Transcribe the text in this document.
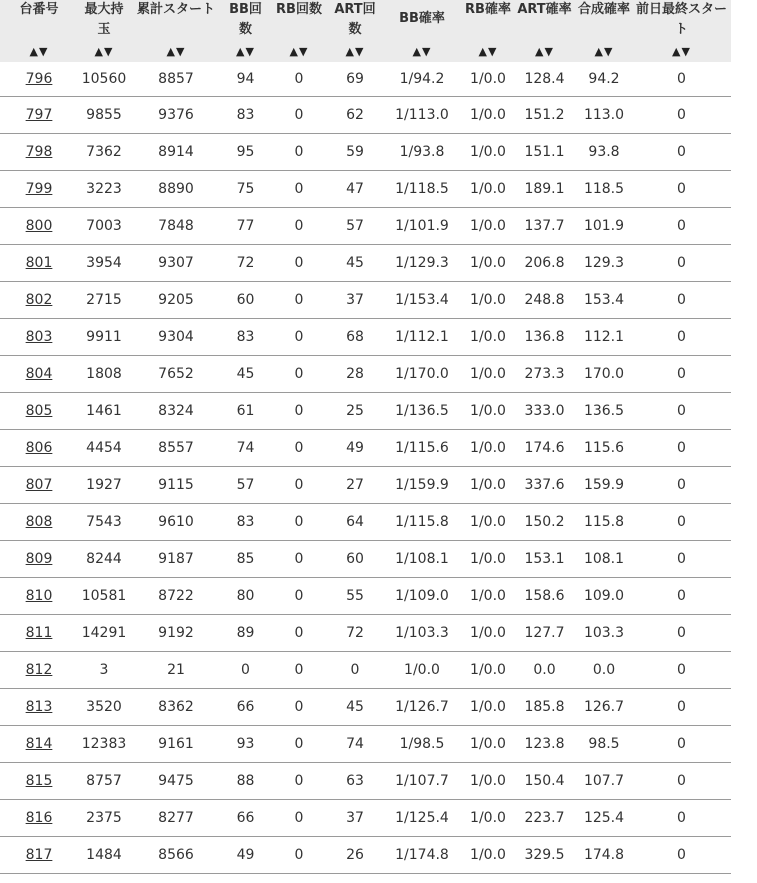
台番号	最大持玉	累計スタート	BB回数	RB回数	ART回数	BB確率	RB確率	ART確率	合成確率	前日最終スタート

▲▼	▲▼	▲▼	▲▼	▲▼	▲▼	▲▼	▲▼	▲▼	▲▼	▲▼
796	10560	8857	94	0	69	1/94.2	1/0.0	128.4	94.2	0
797	9855	9376	83	0	62	1/113.0	1/0.0	151.2	113.0	0
798	7362	8914	95	0	59	1/93.8	1/0.0	151.1	93.8	0
799	3223	8890	75	0	47	1/118.5	1/0.0	189.1	118.5	0
800	7003	7848	77	0	57	1/101.9	1/0.0	137.7	101.9	0
801	3954	9307	72	0	45	1/129.3	1/0.0	206.8	129.3	0
802	2715	9205	60	0	37	1/153.4	1/0.0	248.8	153.4	0
803	9911	9304	83	0	68	1/112.1	1/0.0	136.8	112.1	0
804	1808	7652	45	0	28	1/170.0	1/0.0	273.3	170.0	0
805	1461	8324	61	0	25	1/136.5	1/0.0	333.0	136.5	0
806	4454	8557	74	0	49	1/115.6	1/0.0	174.6	115.6	0
807	1927	9115	57	0	27	1/159.9	1/0.0	337.6	159.9	0
808	7543	9610	83	0	64	1/115.8	1/0.0	150.2	115.8	0
809	8244	9187	85	0	60	1/108.1	1/0.0	153.1	108.1	0
810	10581	8722	80	0	55	1/109.0	1/0.0	158.6	109.0	0
811	14291	9192	89	0	72	1/103.3	1/0.0	127.7	103.3	0
812	3	21	0	0	0	1/0.0	1/0.0	0.0	0.0	0
813	3520	8362	66	0	45	1/126.7	1/0.0	185.8	126.7	0
814	12383	9161	93	0	74	1/98.5	1/0.0	123.8	98.5	0
815	8757	9475	88	0	63	1/107.7	1/0.0	150.4	107.7	0
816	2375	8277	66	0	37	1/125.4	1/0.0	223.7	125.4	0
817	1484	8566	49	0	26	1/174.8	1/0.0	329.5	174.8	0
